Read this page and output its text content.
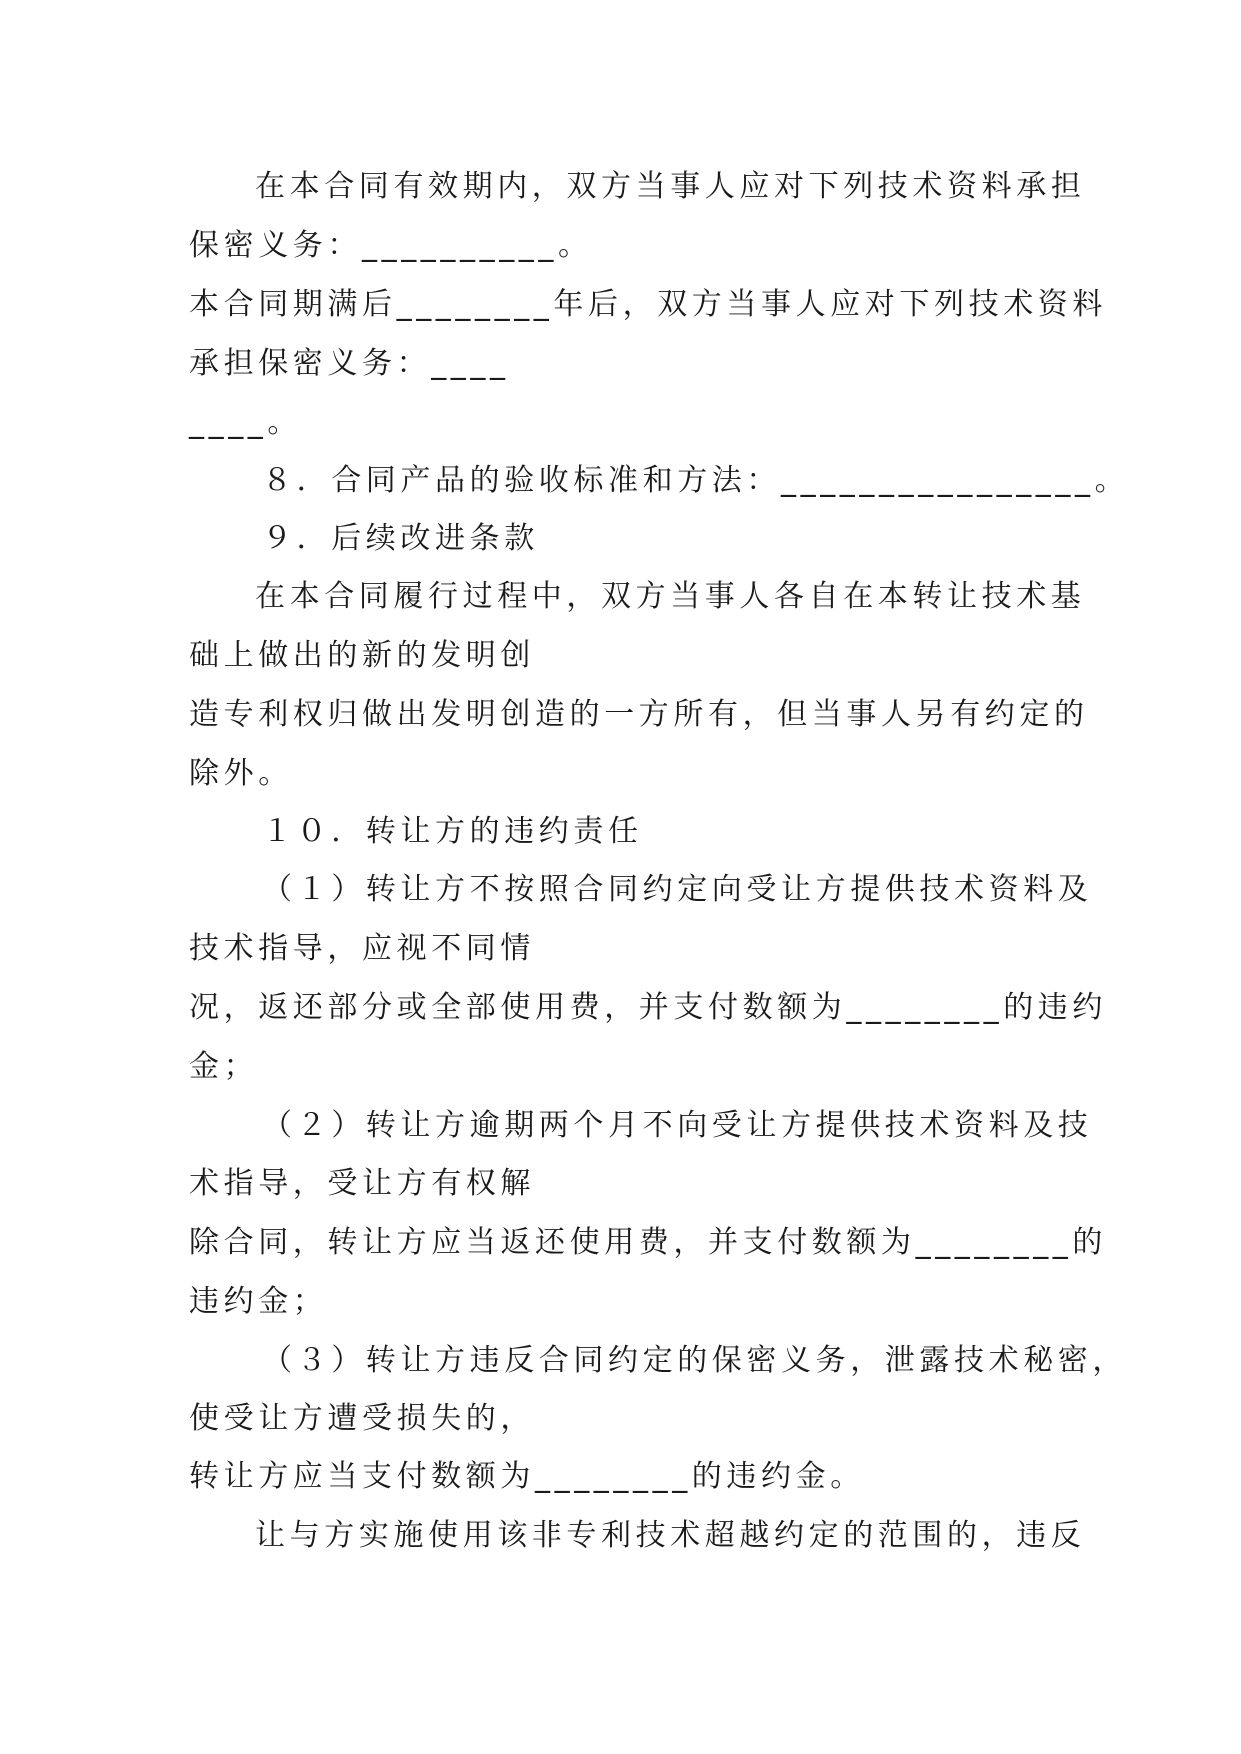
在本合同有效期内，双方当事人应对下列技术资料承担
保密义务：__________。
本合同期满后________年后，双方当事人应对下列技术资料
承担保密义务：____
____。
８．合同产品的验收标准和方法：________________。
９．后续改进条款
在本合同履行过程中，双方当事人各自在本转让技术基
础上做出的新的发明创
造专利权归做出发明创造的一方所有，但当事人另有约定的
除外。
１０．转让方的违约责任
（１）转让方不按照合同约定向受让方提供技术资料及
技术指导，应视不同情
况，返还部分或全部使用费，并支付数额为________的违约
金；
（２）转让方逾期两个月不向受让方提供技术资料及技
术指导，受让方有权解
除合同，转让方应当返还使用费，并支付数额为________的
违约金；
（３）转让方违反合同约定的保密义务，泄露技术秘密，
使受让方遭受损失的，
转让方应当支付数额为________的违约金。
让与方实施使用该非专利技术超越约定的范围的，违反
